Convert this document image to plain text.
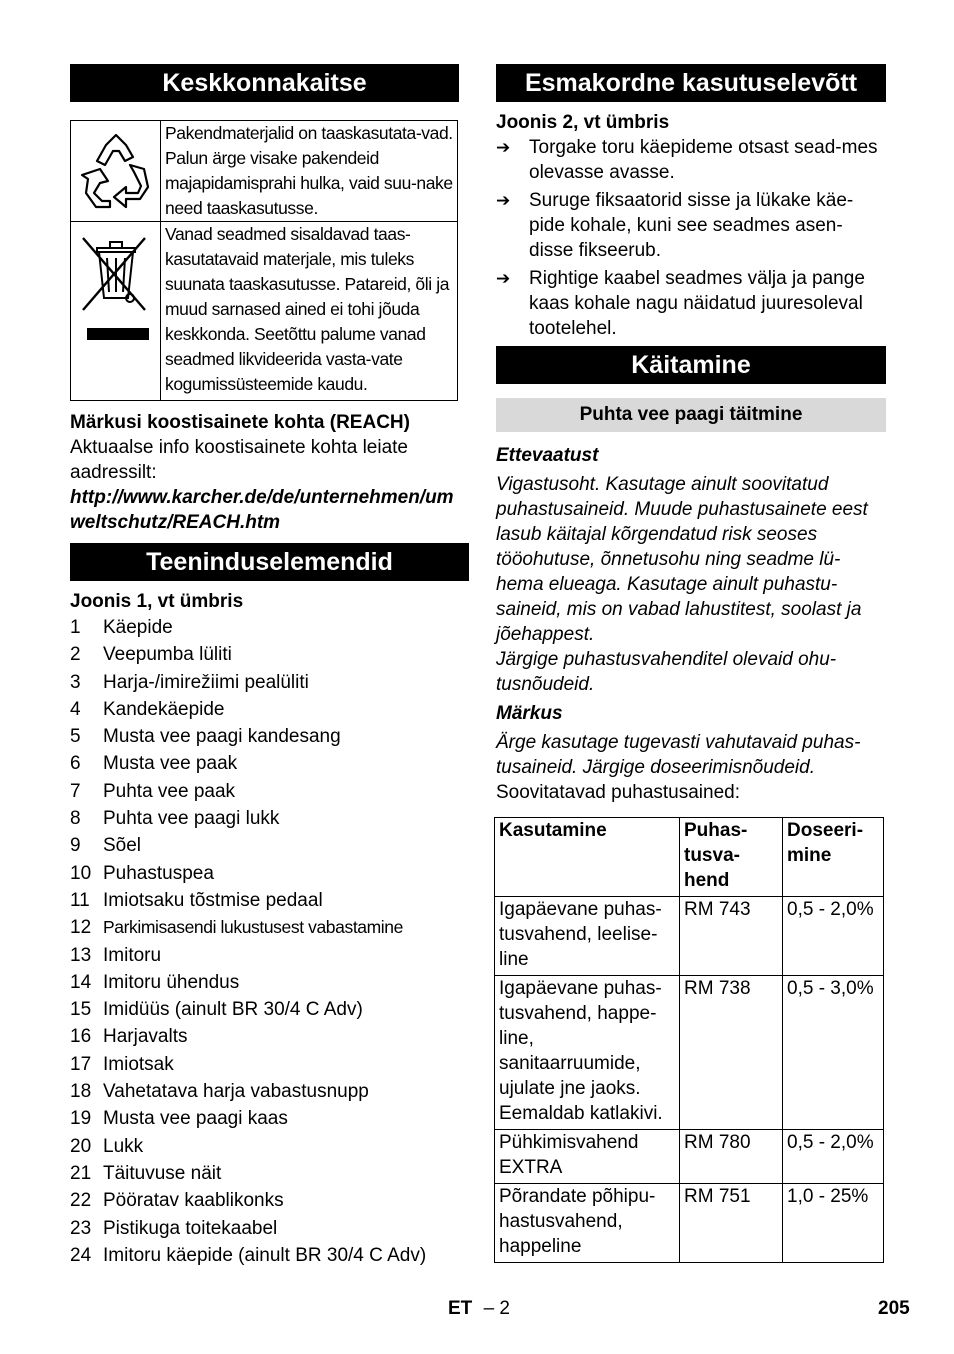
Keskkonnakaitse
	Pakendmaterjalid on taaskasutata-vad. Palun ärge visake pakendeid majapidamisprahi hulka, vaid suu-nake need taaskasutusse.
	Vanad seadmed sisaldavad taas-kasutatavaid materjale, mis tuleks suunata taaskasutusse. Patareid, õli ja muud sarnased ained ei tohi jõuda keskkonda. Seetõttu palume vanad seadmed likvideerida vasta-vate kogumissüsteemide kaudu.

Märkusi koostisainete kohta (REACH)

Aktuaalse info koostisainete kohta leiate aadressilt:

http://www.karcher.de/de/unternehmen/umweltschutz/REACH.htm

Teeninduselemendid

Joonis 1, vt ümbris

1	Käepide
2	Veepumba lüliti
3	Harja-/imirežiimi pealüliti
4	Kandekäepide
5	Musta vee paagi kandesang
6	Musta vee paak
7	Puhta vee paak
8	Puhta vee paagi lukk
9	Sõel
10 Puhastuspea
11 Imiotsaku tõstmise pedaal
12 Parkimisasendi lukustusest vabastamine
13 Imitoru
14 Imitoru ühendus
15 Imidüüs (ainult BR 30/4 C Adv)
16 Harjavalts
17 Imiotsak
18 Vahetatava harja vabastusnupp
19 Musta vee paagi kaas
20 Lukk
21 Täituvuse näit
22 Pööratav kaablikonks
23 Pistikuga toitekaabel
24 Imitoru käepide (ainult BR 30/4 C Adv)
Esmakordne kasutuselevõtt

Joonis 2, vt ümbris

➔ Torgake toru käepideme otsast sead-mes olevasse avasse.
➔ Suruge fiksaatorid sisse ja lükake käe-pide kohale, kuni see seadmes asen-disse fikseerub.
➔ Rightige kaabel seadmes välja ja pange kaas kohale nagu näidatud juuresoleval tootelehel.
Käitamine
Puhta vee paagi täitmine

Ettevaatust

Vigastusoht. Kasutage ainult soovitatud puhastusaineid. Muude puhastusainete eest lasub käitajal kõrgendatud risk seoses tööohutuse, õnnetusohu ning seadme lü-hema elueaga. Kasutage ainult puhastu-saineid, mis on vabad lahustitest, soolast ja jõehappest.

Järgige puhastusvahenditel olevaid ohu-tusnõudeid.

Märkus

Ärge kasutage tugevasti vahutavaid puhas-tusaineid. Järgige doseerimisnõudeid.

Soovitatavad puhastusained:

Kasutamine	Puhas-tusva-hend	Doseeri-mine
Igapäevane puhas-tusvahend, leelise-line	RM 743	0,5 - 2,0%
Igapäevane puhas-tusvahend, happe-line, sanitaarruumide, ujulate jne jaoks. Eemaldab katlakivi.	RM 738	0,5 - 3,0%
Pühkimisvahend EXTRA	RM 780	0,5 - 2,0%
Põrandate põhipu-hastusvahend, happeline	RM 751	1,0 - 25%
ET – 2	205
